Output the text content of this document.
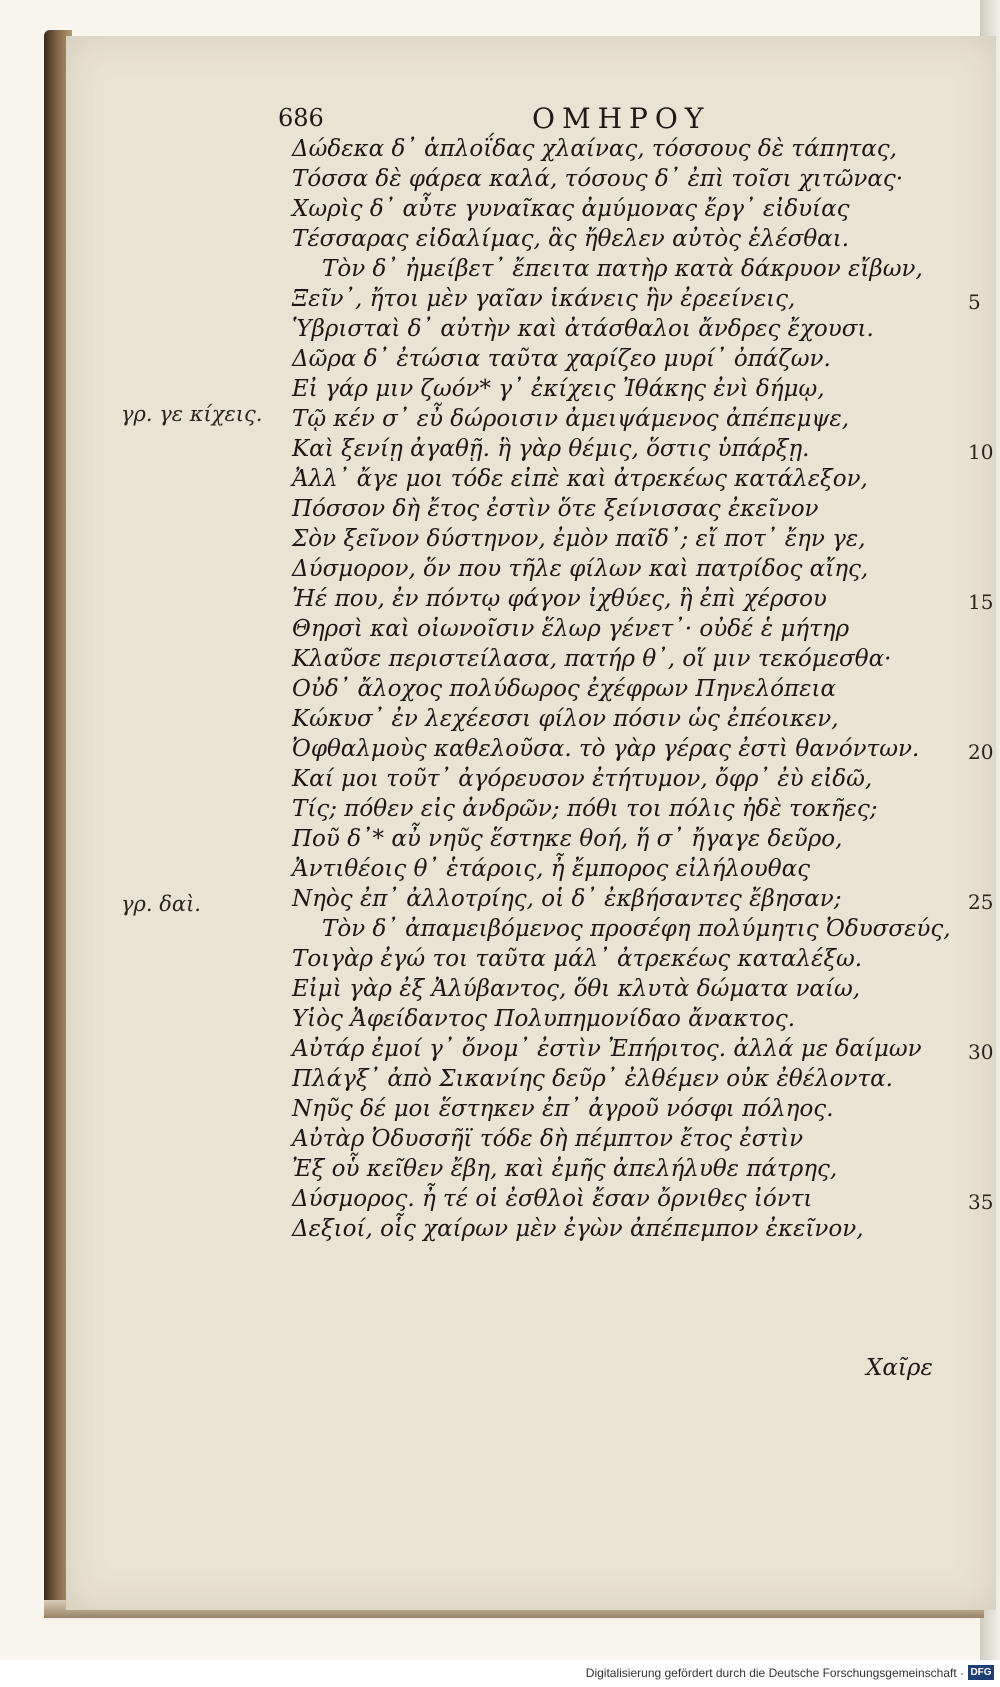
686	ΟΜΗΡΟΥ
Δώδεκα δ᾽ ἁπλοΐδας χλαίνας, τόσσους δὲ τάπητας,
Τόσσα δὲ φάρεα καλά, τόσους δ᾽ ἐπὶ τοῖσι χιτῶνας·
Χωρὶς δ᾽ αὖτε γυναῖκας ἀμύμονας ἔργ᾽ εἰδυίας
Τέσσαρας εἰδαλίμας, ἃς ἤθελεν αὐτὸς ἑλέσθαι.
Τὸν δ᾽ ἠμείβετ᾽ ἔπειτα πατὴρ κατὰ δάκρυον εἴβων,
Ξεῖν᾽, ἤτοι μὲν γαῖαν ἱκάνεις ἣν ἐρεείνεις,
Ὑβρισταὶ δ᾽ αὐτὴν καὶ ἀτάσθαλοι ἄνδρες ἔχουσι.
Δῶρα δ᾽ ἐτώσια ταῦτα χαρίζεο μυρί᾽ ὀπάζων.
Εἰ γάρ μιν ζωόν* γ᾽ ἐκίχεις Ἰθάκης ἐνὶ δήμῳ,
Τῷ κέν σ᾽ εὖ δώροισιν ἀμειψάμενος ἀπέπεμψε,
Καὶ ξενίῃ ἀγαθῇ. ἣ γὰρ θέμις, ὅστις ὑπάρξῃ.
Ἀλλ᾽ ἄγε μοι τόδε εἰπὲ καὶ ἀτρεκέως κατάλεξον,
Πόσσον δὴ ἔτος ἐστὶν ὅτε ξείνισσας ἐκεῖνον
Σὸν ξεῖνον δύστηνον, ἐμὸν παῖδ᾽; εἴ ποτ᾽ ἔην γε,
Δύσμορον, ὅν που τῆλε φίλων καὶ πατρίδος αἴης,
Ἠέ που, ἐν πόντῳ φάγον ἰχθύες, ἢ ἐπὶ χέρσου
Θηρσὶ καὶ οἰωνοῖσιν ἕλωρ γένετ᾽· οὐδέ ἑ μήτηρ
Κλαῦσε περιστείλασα, πατήρ θ᾽, οἵ μιν τεκόμεσθα·
Οὐδ᾽ ἄλοχος πολύδωρος ἐχέφρων Πηνελόπεια
Κώκυσ᾽ ἐν λεχέεσσι φίλον πόσιν ὡς ἐπέοικεν,
Ὀφθαλμοὺς καθελοῦσα. τὸ γὰρ γέρας ἐστὶ θανόντων.
Καί μοι τοῦτ᾽ ἀγόρευσον ἐτήτυμον, ὄφρ᾽ ἐὺ εἰδῶ,
Τίς; πόθεν εἰς ἀνδρῶν; πόθι τοι πόλις ἠδὲ τοκῆες;
Ποῦ δ᾽* αὖ νηῦς ἕστηκε θοή, ἥ σ᾽ ἤγαγε δεῦρο,
Ἀντιθέοις θ᾽ ἑτάροις, ἦ ἔμπορος εἰλήλουθας
Νηὸς ἐπ᾽ ἀλλοτρίης, οἱ δ᾽ ἐκβήσαντες ἔβησαν;
Τὸν δ᾽ ἀπαμειβόμενος προσέφη πολύμητις Ὀδυσσεύς,
Τοιγὰρ ἐγώ τοι ταῦτα μάλ᾽ ἀτρεκέως καταλέξω.
Εἰμὶ γὰρ ἐξ Ἀλύβαντος, ὅθι κλυτὰ δώματα ναίω,
Υἱὸς Ἀφείδαντος Πολυπημονίδαο ἄνακτος.
Αὐτάρ ἐμοί γ᾽ ὄνομ᾽ ἐστὶν Ἐπήριτος. ἀλλά με δαίμων
Πλάγξ᾽ ἀπὸ Σικανίης δεῦρ᾽ ἐλθέμεν οὐκ ἐθέλοντα.
Νηῦς δέ μοι ἕστηκεν ἐπ᾽ ἀγροῦ νόσφι πόληος.
Αὐτὰρ Ὀδυσσῆϊ τόδε δὴ πέμπτον ἔτος ἐστὶν
Ἐξ οὗ κεῖθεν ἔβη, καὶ ἐμῆς ἀπελήλυθε πάτρης,
Δύσμορος. ἦ τέ οἱ ἐσθλοὶ ἔσαν ὄρνιθες ἰόντι
Δεξιοί, οἷς χαίρων μὲν ἐγὼν ἀπέπεμπον ἐκεῖνον,
5
10
15
20
25
30
35
γρ. γε κίχεις.
γρ. δαὶ.
Χαῖρε
Digitalisierung gefördert durch die Deutsche Forschungsgemeinschaft · DFG
